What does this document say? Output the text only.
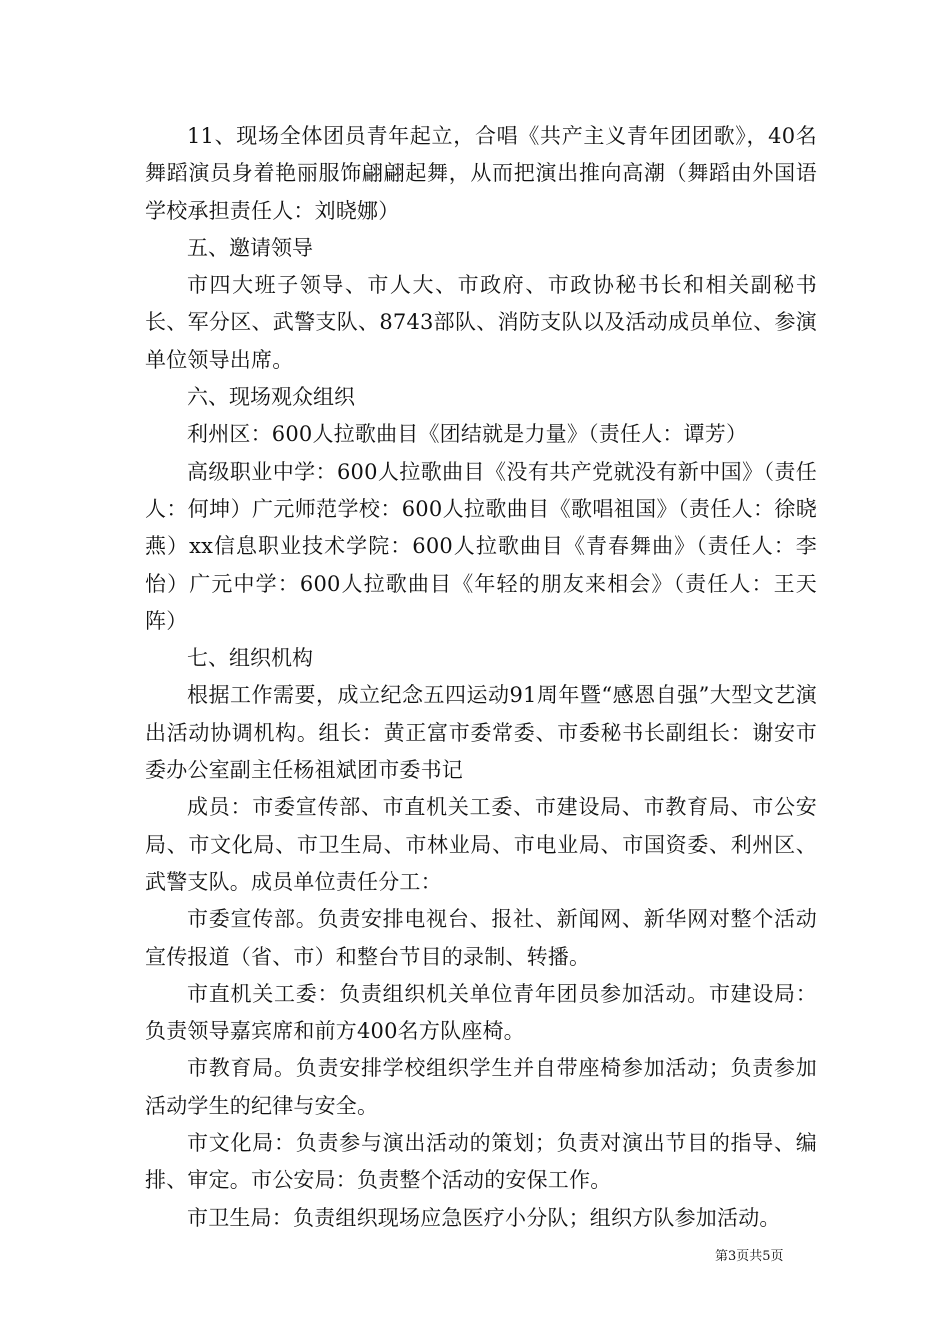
11、现场全体团员青年起立，合唱《共产主义青年团团歌》，40名舞蹈演员身着艳丽服饰翩翩起舞，从而把演出推向高潮（舞蹈由外国语学校承担责任人：刘晓娜）

五、邀请领导

市四大班子领导、市人大、市政府、市政协秘书长和相关副秘书长、军分区、武警支队、8743部队、消防支队以及活动成员单位、参演单位领导出席。

六、现场观众组织

利州区：600人拉歌曲目《团结就是力量》（责任人：谭芳）

高级职业中学：600人拉歌曲目《没有共产党就没有新中国》（责任人：何坤）广元师范学校：600人拉歌曲目《歌唱祖国》（责任人：徐晓燕）xx信息职业技术学院：600人拉歌曲目《青春舞曲》（责任人：李怡）广元中学：600人拉歌曲目《年轻的朋友来相会》（责任人：王天阵）

七、组织机构

根据工作需要，成立纪念五四运动91周年暨“感恩自强”大型文艺演出活动协调机构。组长：黄正富市委常委、市委秘书长副组长：谢安市委办公室副主任杨祖斌团市委书记

成员：市委宣传部、市直机关工委、市建设局、市教育局、市公安局、市文化局、市卫生局、市林业局、市电业局、市国资委、利州区、武警支队。成员单位责任分工：

市委宣传部。负责安排电视台、报社、新闻网、新华网对整个活动宣传报道（省、市）和整台节目的录制、转播。

市直机关工委：负责组织机关单位青年团员参加活动。市建设局：负责领导嘉宾席和前方400名方队座椅。

市教育局。负责安排学校组织学生并自带座椅参加活动；负责参加活动学生的纪律与安全。

市文化局：负责参与演出活动的策划；负责对演出节目的指导、编排、审定。市公安局：负责整个活动的安保工作。

市卫生局：负责组织现场应急医疗小分队；组织方队参加活动。

第3页共5页
